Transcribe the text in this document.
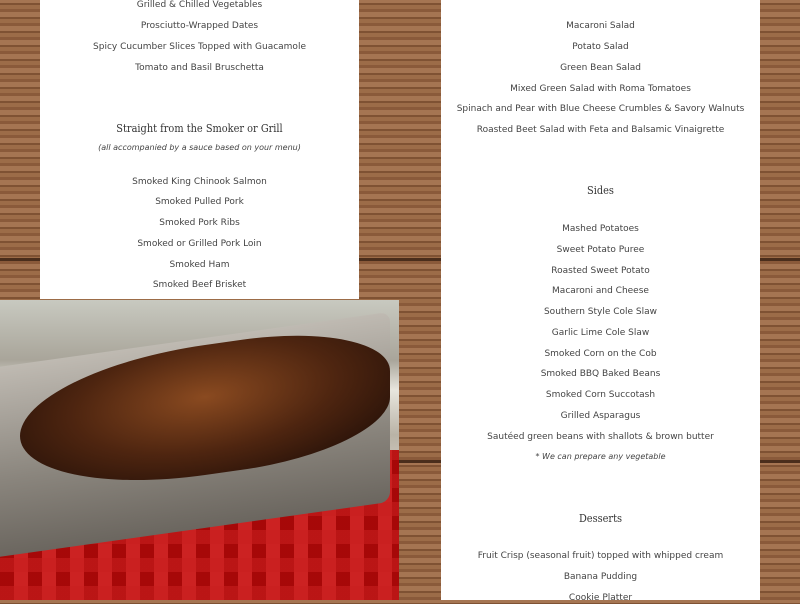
Grilled & Chilled Vegetables
Prosciutto-Wrapped Dates
Spicy Cucumber Slices Topped with Guacamole
Tomato and Basil Bruschetta
Straight from the Smoker or Grill
(all accompanied by a sauce based on your menu)
Smoked King Chinook Salmon
Smoked Pulled Pork
Smoked Pork Ribs
Smoked or Grilled Pork Loin
Smoked Ham
Smoked Beef Brisket
Macaroni Salad
Potato Salad
Green Bean Salad
Mixed Green Salad with Roma Tomatoes
Spinach and Pear with Blue Cheese Crumbles & Savory Walnuts
Roasted Beet Salad with Feta and Balsamic Vinaigrette
Sides
Mashed Potatoes
Sweet Potato Puree
Roasted Sweet Potato
Macaroni and Cheese
Southern Style Cole Slaw
Garlic Lime Cole Slaw
Smoked Corn on the Cob
Smoked BBQ Baked Beans
Smoked Corn Succotash
Grilled Asparagus
Sautéed green beans with shallots & brown butter
* We can prepare any vegetable
Desserts
Fruit Crisp (seasonal fruit) topped with whipped cream
Banana Pudding
Cookie Platter
